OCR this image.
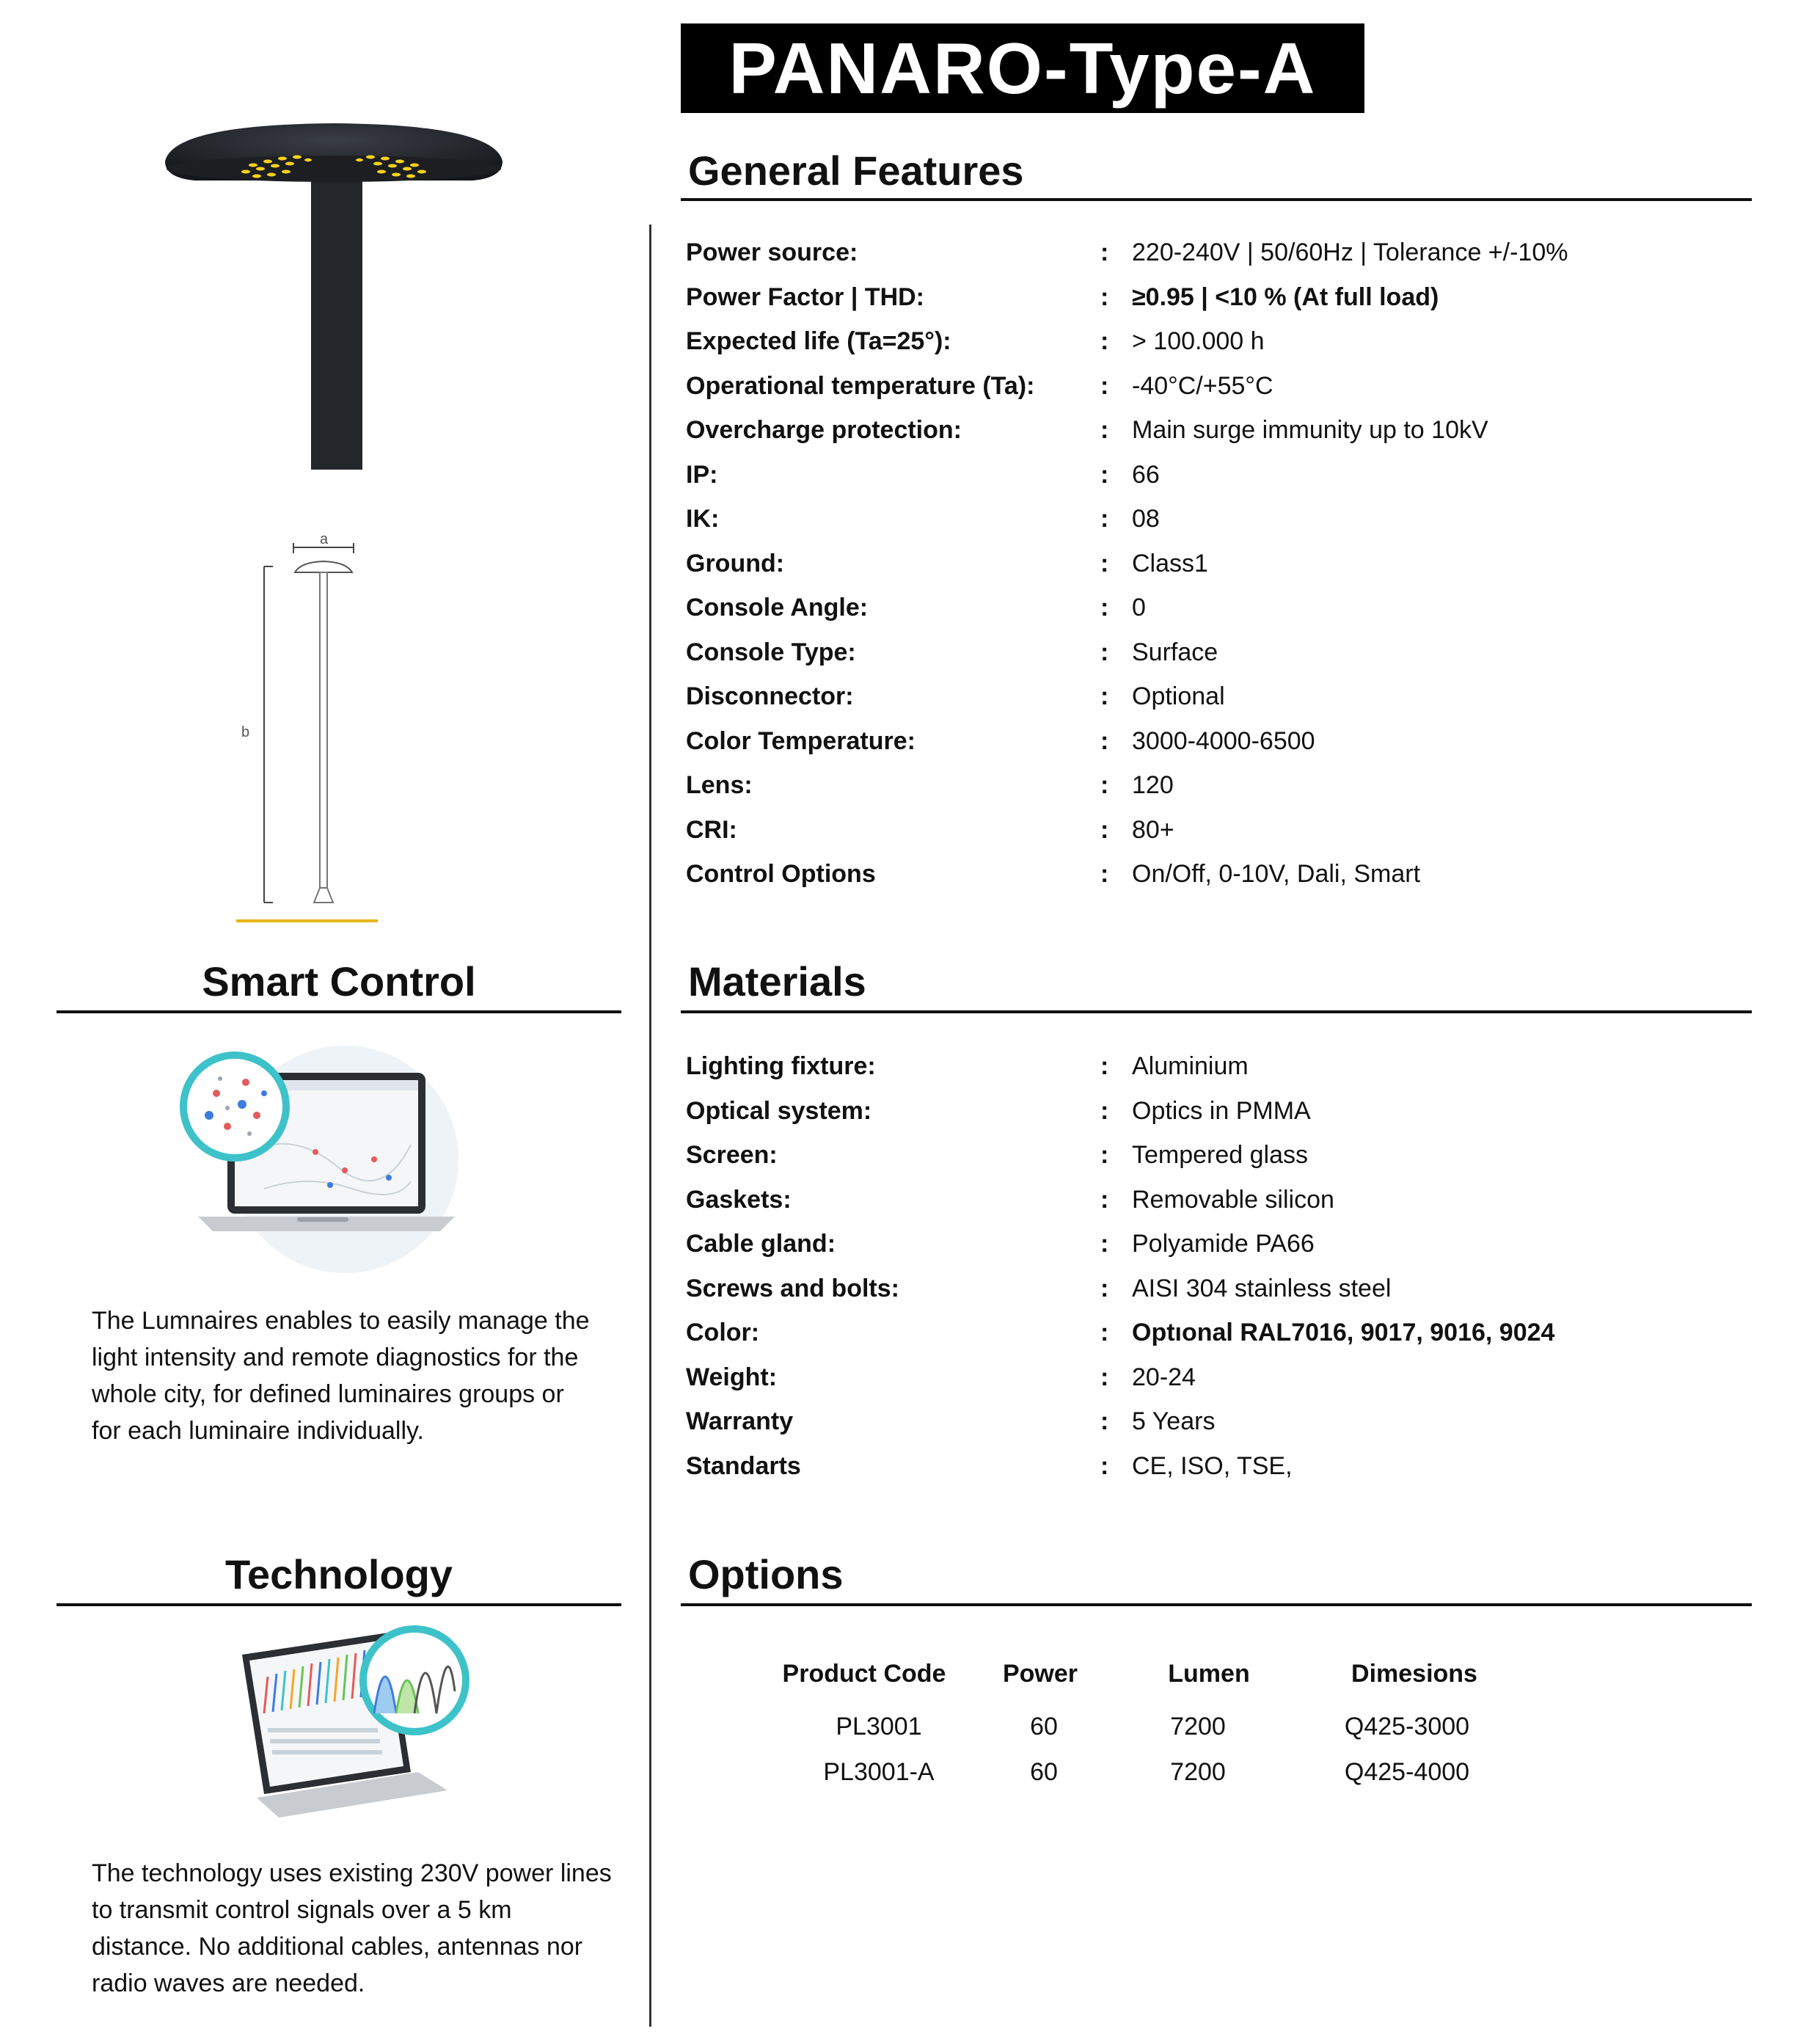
PANARO-Type-A
a
b
General Features
Power source:	: 220-240V | 50/60Hz | Tolerance +/-10%
Power Factor | THD:	: ≥0.95 | <10 % (At full load)
Expected life (Ta=25°):	: > 100.000 h
Operational temperature (Ta):	: -40°C/+55°C
Overcharge protection:	: Main surge immunity up to 10kV
IP:	: 66
IK:	: 08
Ground:	: Class1
Console Angle:	: 0
Console Type:	: Surface
Disconnector:	: Optional
Color Temperature:	: 3000-4000-6500
Lens:	: 120
CRI:	: 80+
Control Options	: On/Off, 0-10V, Dali, Smart
Smart Control
The Lumnaires enables to easily manage the
light intensity and remote diagnostics for the
whole city, for defined luminaires groups or
for each luminaire individually.
Materials
Lighting fixture:	: Aluminium
Optical system:	: Optics in PMMA
Screen:	: Tempered glass
Gaskets:	: Removable silicon
Cable gland:	: Polyamide PA66
Screws and bolts:	: AISI 304 stainless steel
Color:	: Optıonal RAL7016, 9017, 9016, 9024
Weight:	: 20-24
Warranty	: 5 Years
Standarts	: CE, ISO, TSE,
Technology
The technology uses existing 230V power lines
to transmit control signals over a 5 km
distance. No additional cables, antennas nor
radio waves are needed.
Options
Product Code	Power	Lumen	Dimesions
PL3001	60	7200	Q425-3000
PL3001-A	60	7200	Q425-4000
